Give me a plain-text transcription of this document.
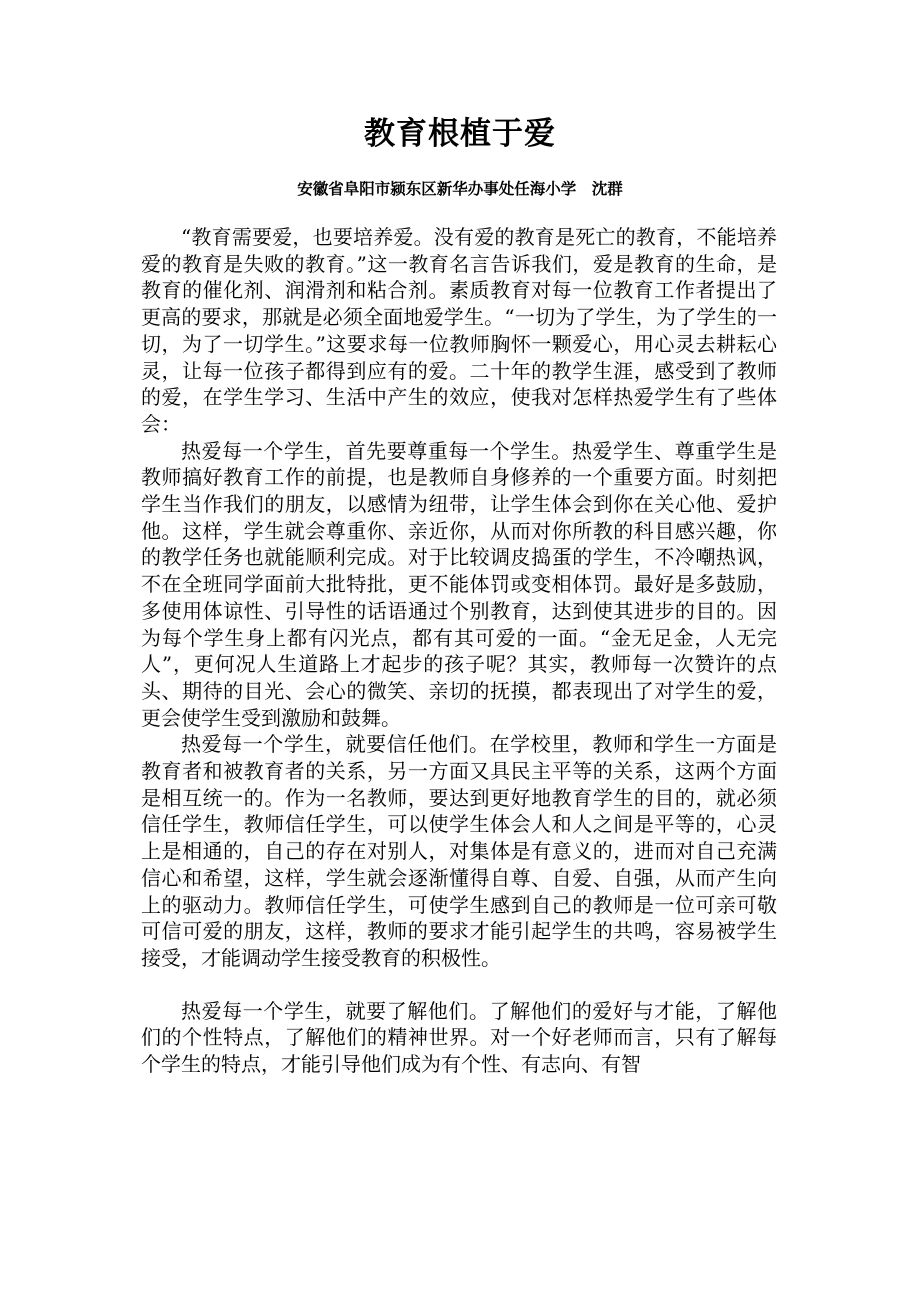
教育根植于爱
安徽省阜阳市颍东区新华办事处任海小学　沈群

“教育需要爱，也要培养爱。没有爱的教育是死亡的教育，不能培养爱的教育是失败的教育。”这一教育名言告诉我们，爱是教育的生命，是教育的催化剂、润滑剂和粘合剂。素质教育对每一位教育工作者提出了更高的要求，那就是必须全面地爱学生。“一切为了学生，为了学生的一切，为了一切学生。”这要求每一位教师胸怀一颗爱心，用心灵去耕耘心灵，让每一位孩子都得到应有的爱。二十年的教学生涯，感受到了教师的爱，在学生学习、生活中产生的效应，使我对怎样热爱学生有了些体会：

热爱每一个学生，首先要尊重每一个学生。热爱学生、尊重学生是教师搞好教育工作的前提，也是教师自身修养的一个重要方面。时刻把学生当作我们的朋友，以感情为纽带，让学生体会到你在关心他、爱护他。这样，学生就会尊重你、亲近你，从而对你所教的科目感兴趣，你的教学任务也就能顺利完成。对于比较调皮捣蛋的学生，不冷嘲热讽，不在全班同学面前大批特批，更不能体罚或变相体罚。最好是多鼓励，多使用体谅性、引导性的话语通过个别教育，达到使其进步的目的。因为每个学生身上都有闪光点，都有其可爱的一面。“金无足金，人无完人”，更何况人生道路上才起步的孩子呢？其实，教师每一次赞许的点头、期待的目光、会心的微笑、亲切的抚摸，都表现出了对学生的爱，更会使学生受到激励和鼓舞。

热爱每一个学生，就要信任他们。在学校里，教师和学生一方面是教育者和被教育者的关系，另一方面又具民主平等的关系，这两个方面是相互统一的。作为一名教师，要达到更好地教育学生的目的，就必须信任学生，教师信任学生，可以使学生体会人和人之间是平等的，心灵上是相通的，自己的存在对别人，对集体是有意义的，进而对自己充满信心和希望，这样，学生就会逐渐懂得自尊、自爱、自强，从而产生向上的驱动力。教师信任学生，可使学生感到自己的教师是一位可亲可敬可信可爱的朋友，这样，教师的要求才能引起学生的共鸣，容易被学生接受，才能调动学生接受教育的积极性。

热爱每一个学生，就要了解他们。了解他们的爱好与才能，了解他们的个性特点，了解他们的精神世界。对一个好老师而言，只有了解每个学生的特点，才能引导他们成为有个性、有志向、有智
